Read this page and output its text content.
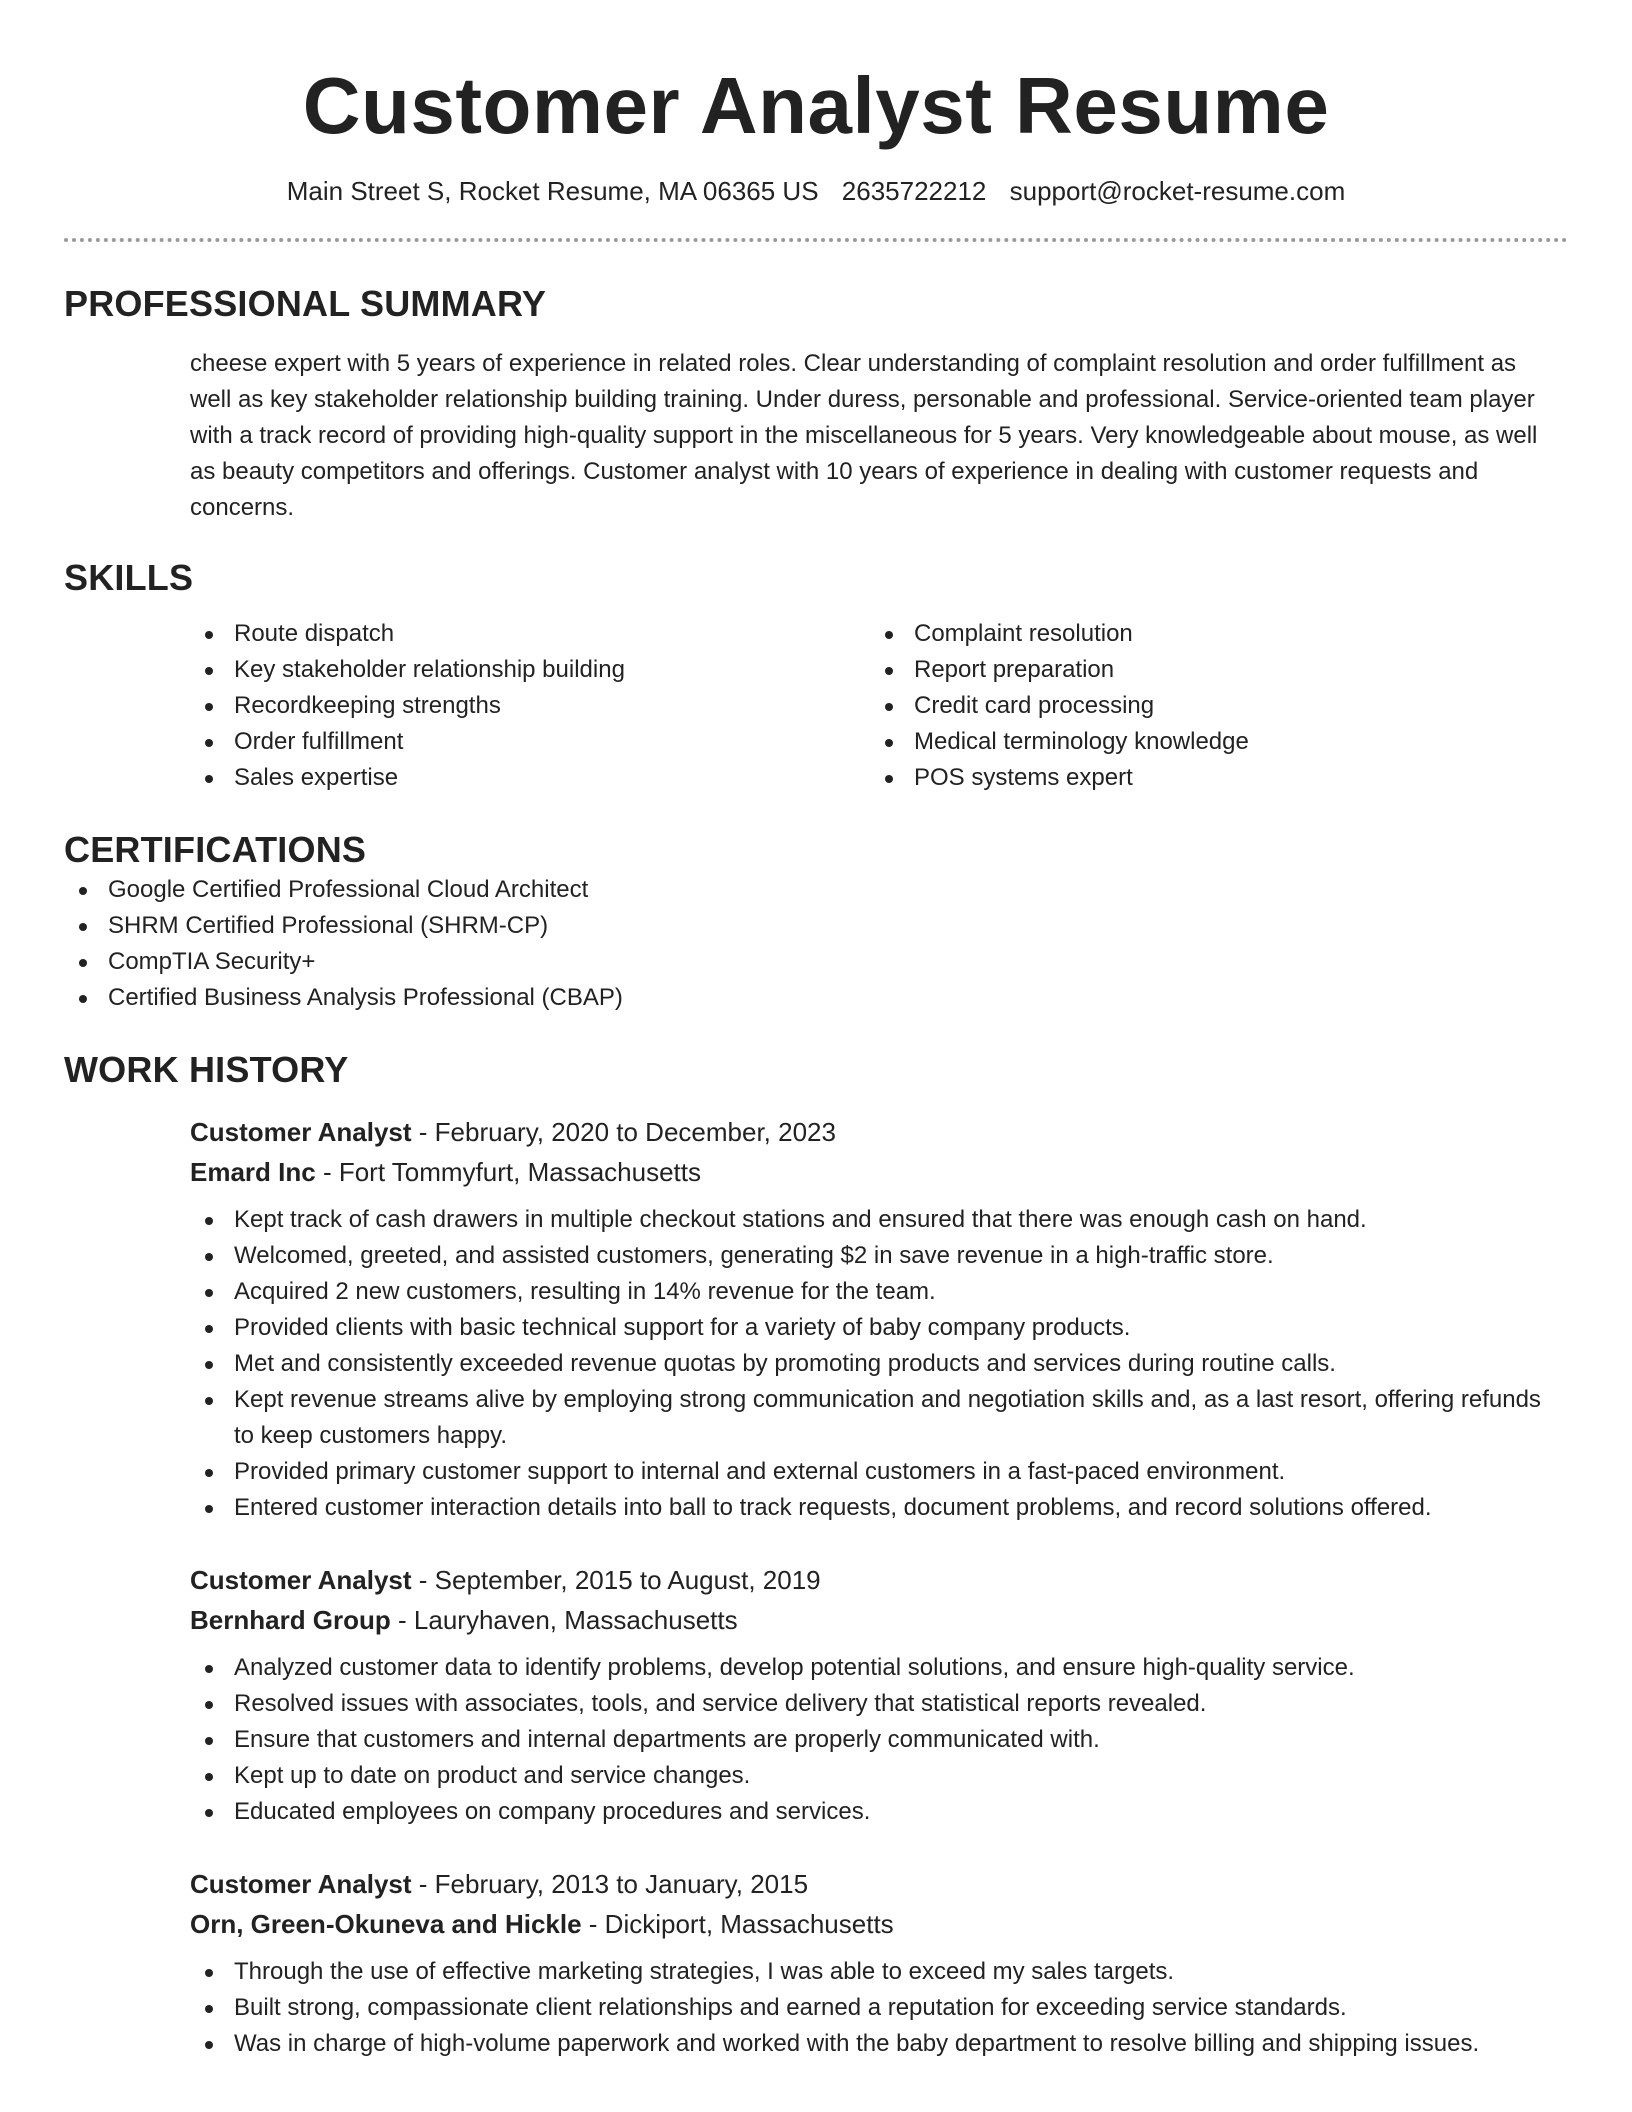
Customer Analyst Resume
Main Street S, Rocket Resume, MA 06365 US 2635722212 support@rocket-resume.com
PROFESSIONAL SUMMARY

cheese expert with 5 years of experience in related roles. Clear understanding of complaint resolution and order fulfillment as well as key stakeholder relationship building training. Under duress, personable and professional. Service-oriented team player with a track record of providing high-quality support in the miscellaneous for 5 years. Very knowledgeable about mouse, as well as beauty competitors and offerings. Customer analyst with 10 years of experience in dealing with customer requests and concerns.

SKILLS
Route dispatch
Key stakeholder relationship building
Recordkeeping strengths
Order fulfillment
Sales expertise
Complaint resolution
Report preparation
Credit card processing
Medical terminology knowledge
POS systems expert
CERTIFICATIONS
Google Certified Professional Cloud Architect
SHRM Certified Professional (SHRM-CP)
CompTIA Security+
Certified Business Analysis Professional (CBAP)
WORK HISTORY
Customer Analyst - February, 2020 to December, 2023
Emard Inc - Fort Tommyfurt, Massachusetts
Kept track of cash drawers in multiple checkout stations and ensured that there was enough cash on hand.
Welcomed, greeted, and assisted customers, generating $2 in save revenue in a high-traffic store.
Acquired 2 new customers, resulting in 14% revenue for the team.
Provided clients with basic technical support for a variety of baby company products.
Met and consistently exceeded revenue quotas by promoting products and services during routine calls.
Kept revenue streams alive by employing strong communication and negotiation skills and, as a last resort, offering refunds to keep customers happy.
Provided primary customer support to internal and external customers in a fast-paced environment.
Entered customer interaction details into ball to track requests, document problems, and record solutions offered.
Customer Analyst - September, 2015 to August, 2019
Bernhard Group - Lauryhaven, Massachusetts
Analyzed customer data to identify problems, develop potential solutions, and ensure high-quality service.
Resolved issues with associates, tools, and service delivery that statistical reports revealed.
Ensure that customers and internal departments are properly communicated with.
Kept up to date on product and service changes.
Educated employees on company procedures and services.
Customer Analyst - February, 2013 to January, 2015
Orn, Green-Okuneva and Hickle - Dickiport, Massachusetts
Through the use of effective marketing strategies, I was able to exceed my sales targets.
Built strong, compassionate client relationships and earned a reputation for exceeding service standards.
Was in charge of high-volume paperwork and worked with the baby department to resolve billing and shipping issues.
